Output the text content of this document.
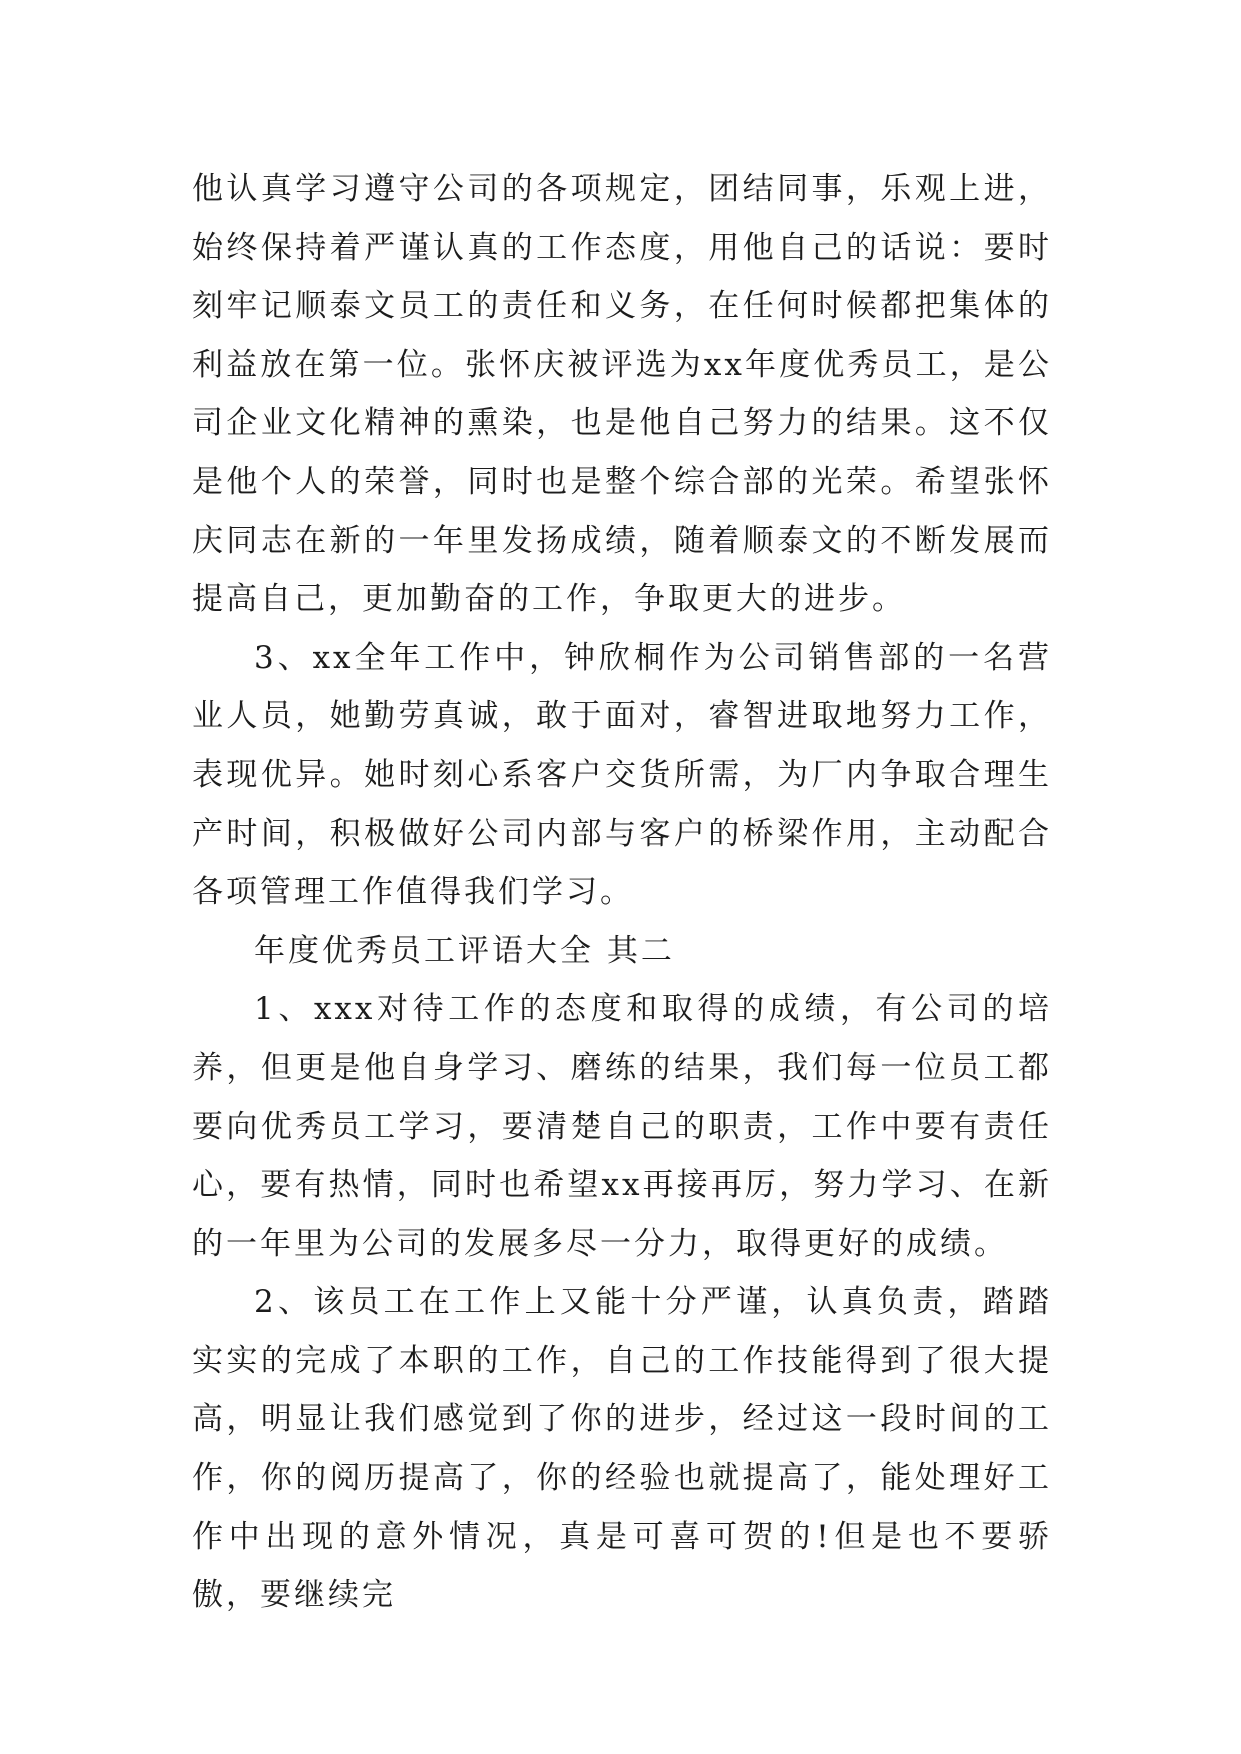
他认真学习遵守公司的各项规定，团结同事，乐观上进，始终保持着严谨认真的工作态度，用他自己的话说：要时刻牢记顺泰文员工的责任和义务，在任何时候都把集体的利益放在第一位。张怀庆被评选为xx年度优秀员工，是公司企业文化精神的熏染，也是他自己努力的结果。这不仅是他个人的荣誉，同时也是整个综合部的光荣。希望张怀庆同志在新的一年里发扬成绩，随着顺泰文的不断发展而提高自己，更加勤奋的工作，争取更大的进步。

3、xx全年工作中，钟欣桐作为公司销售部的一名营业人员，她勤劳真诚，敢于面对，睿智进取地努力工作，表现优异。她时刻心系客户交货所需，为厂内争取合理生产时间，积极做好公司内部与客户的桥梁作用，主动配合各项管理工作值得我们学习。

年度优秀员工评语大全 其二

1、xxx对待工作的态度和取得的成绩，有公司的培养，但更是他自身学习、磨练的结果，我们每一位员工都要向优秀员工学习，要清楚自己的职责，工作中要有责任心，要有热情，同时也希望xx再接再厉，努力学习、在新的一年里为公司的发展多尽一分力，取得更好的成绩。

2、该员工在工作上又能十分严谨，认真负责，踏踏实实的完成了本职的工作，自己的工作技能得到了很大提高，明显让我们感觉到了你的进步，经过这一段时间的工作，你的阅历提高了，你的经验也就提高了，能处理好工作中出现的意外情况，真是可喜可贺的!但是也不要骄傲，要继续完
